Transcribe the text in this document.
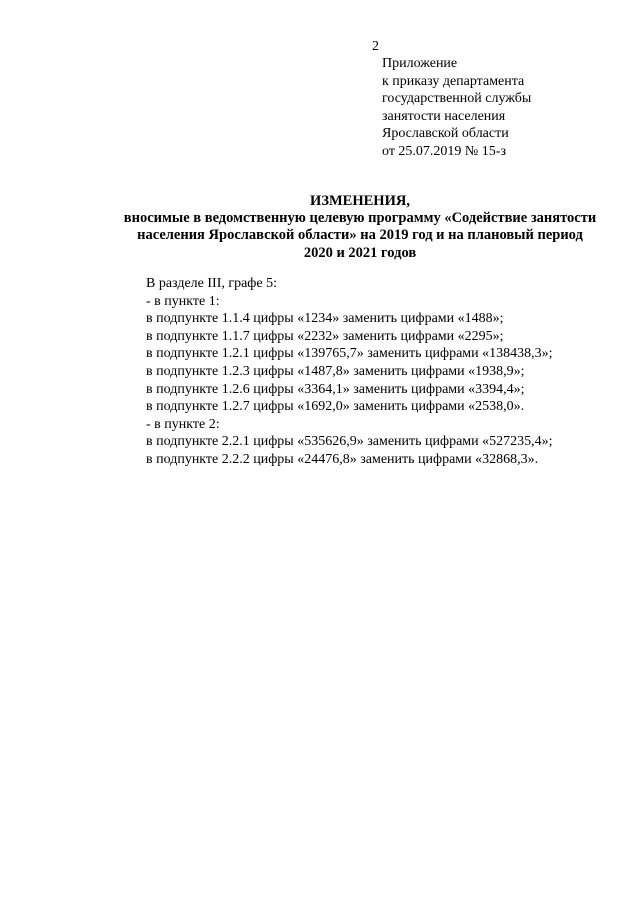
2
Приложение
к приказу департамента
государственной службы
занятости населения
Ярославской области
от 25.07.2019 № 15-з
ИЗМЕНЕНИЯ,
вносимые в ведомственную целевую программу «Содействие занятости
населения Ярославской области» на 2019 год и на плановый период
2020 и 2021 годов
В разделе III, графе 5:
- в пункте 1:
в подпункте 1.1.4 цифры «1234» заменить цифрами «1488»;
в подпункте 1.1.7 цифры «2232» заменить цифрами «2295»;
в подпункте 1.2.1 цифры «139765,7» заменить цифрами «138438,3»;
в подпункте 1.2.3 цифры «1487,8» заменить цифрами «1938,9»;
в подпункте 1.2.6 цифры «3364,1» заменить цифрами «3394,4»;
в подпункте 1.2.7 цифры «1692,0» заменить цифрами «2538,0».
- в пункте 2:
в подпункте 2.2.1 цифры «535626,9» заменить цифрами «527235,4»;
в подпункте 2.2.2 цифры «24476,8» заменить цифрами «32868,3».
